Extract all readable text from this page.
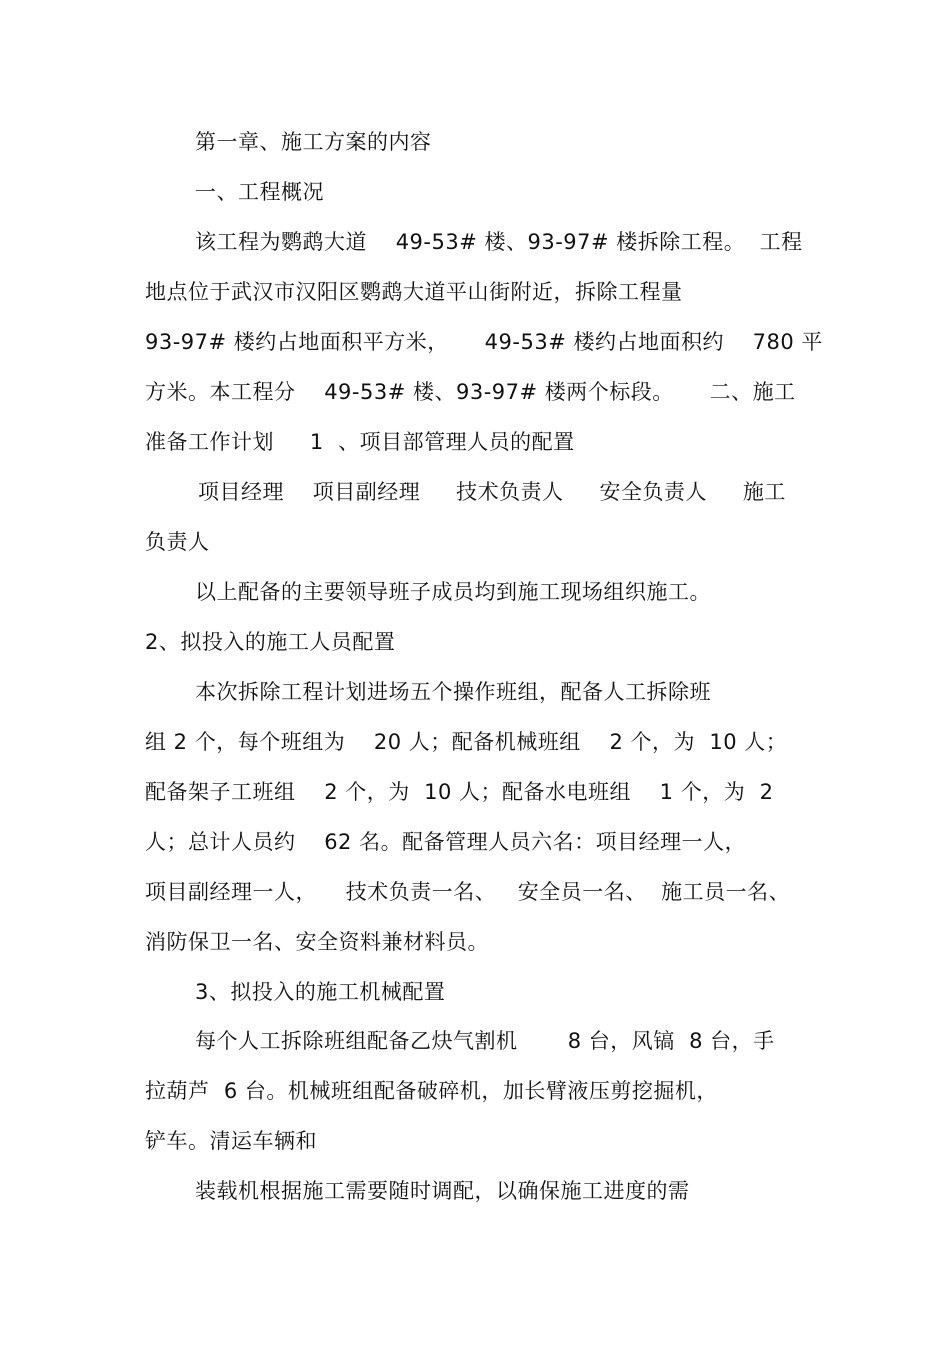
第一章、施工方案的内容
一、工程概况
该工程为鹦鹉大道    49-53# 楼、93-97# 楼拆除工程。  工程
地点位于武汉市汉阳区鹦鹉大道平山街附近，拆除工程量
93-97# 楼约占地面积平方米，     49-53# 楼约占地面积约    780 平
方米。本工程分    49-53# 楼、93-97# 楼两个标段。     二、施工
准备工作计划     1  、项目部管理人员的配置
项目经理    项目副经理     技术负责人     安全负责人     施工
负责人
以上配备的主要领导班子成员均到施工现场组织施工。
2、拟投入的施工人员配置
本次拆除工程计划进场五个操作班组，配备人工拆除班
组 2 个，每个班组为    20 人；配备机械班组    2 个，为  10 人；
配备架子工班组    2 个，为  10 人；配备水电班组    1 个，为  2
人；总计人员约    62 名。配备管理人员六名：项目经理一人，
项目副经理一人，    技术负责一名、   安全员一名、  施工员一名、
消防保卫一名、安全资料兼材料员。
3、拟投入的施工机械配置
每个人工拆除班组配备乙炔气割机       8 台，风镐  8 台，手
拉葫芦  6 台。机械班组配备破碎机，加长臂液压剪挖掘机，
铲车。清运车辆和
装载机根据施工需要随时调配，以确保施工进度的需
